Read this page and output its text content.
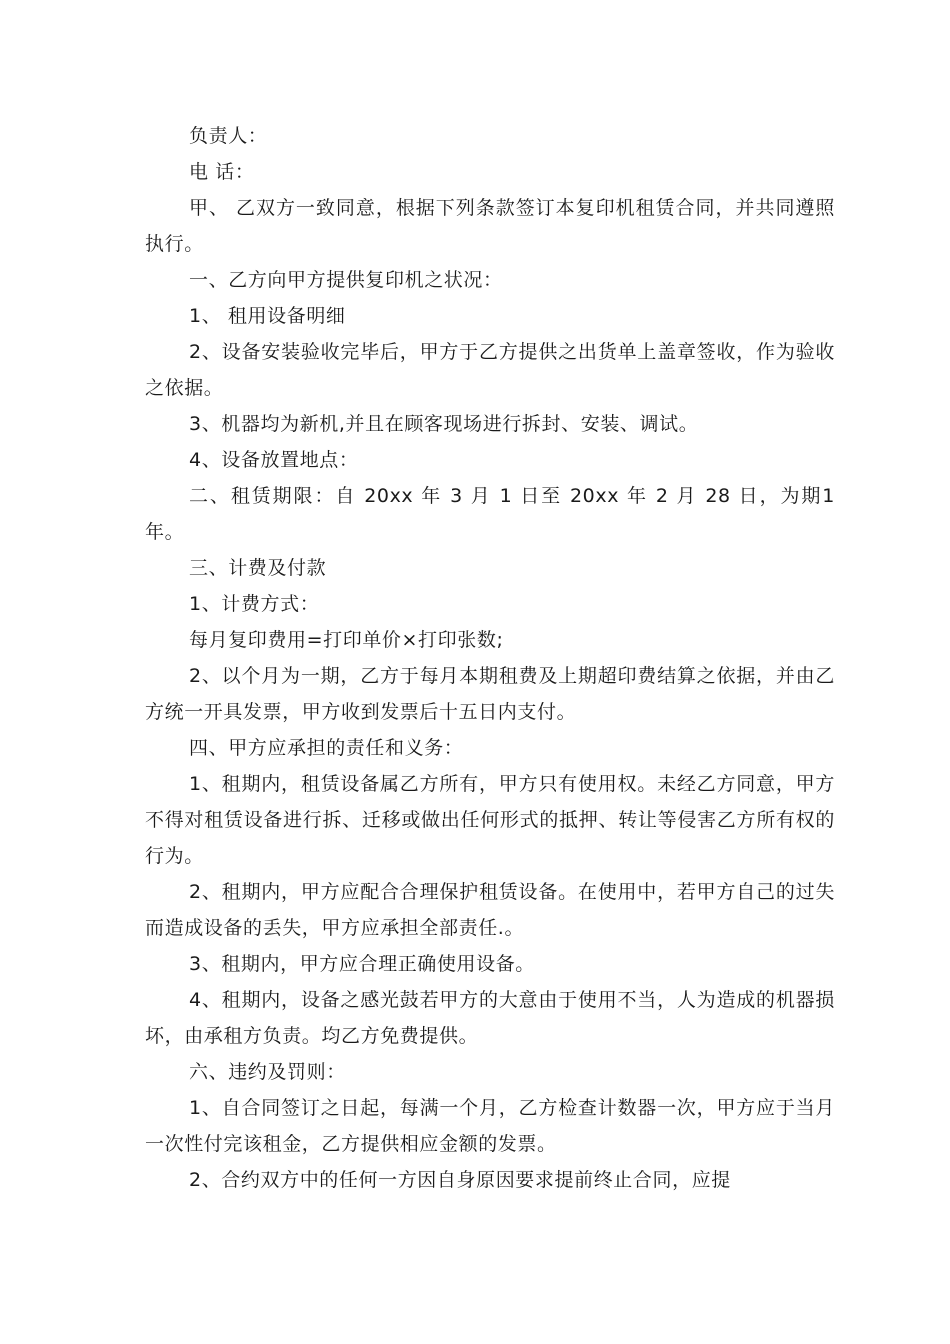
负责人：

电 话：

甲、 乙双方一致同意，根据下列条款签订本复印机租赁合同，并共同遵照执行。

一、乙方向甲方提供复印机之状况：

1、 租用设备明细

2、设备安装验收完毕后，甲方于乙方提供之出货单上盖章签收，作为验收之依据。

3、机器均为新机,并且在顾客现场进行拆封、安装、调试。

4、设备放置地点：

二、租赁期限：自 20xx 年 3 月 1 日至 20xx 年 2 月 28 日，为期1 年。

三、计费及付款

1、计费方式：

每月复印费用=打印单价×打印张数;

2、以个月为一期，乙方于每月本期租费及上期超印费结算之依据，并由乙方统一开具发票，甲方收到发票后十五日内支付。

四、甲方应承担的责任和义务：

1、租期内，租赁设备属乙方所有，甲方只有使用权。未经乙方同意，甲方不得对租赁设备进行拆、迁移或做出任何形式的抵押、转让等侵害乙方所有权的行为。

2、租期内，甲方应配合合理保护租赁设备。在使用中，若甲方自己的过失而造成设备的丢失，甲方应承担全部责任.。

3、租期内，甲方应合理正确使用设备。

4、租期内，设备之感光鼓若甲方的大意由于使用不当，人为造成的机器损坏，由承租方负责。均乙方免费提供。

六、违约及罚则：

1、自合同签订之日起，每满一个月，乙方检查计数器一次，甲方应于当月一次性付完该租金，乙方提供相应金额的发票。

2、合约双方中的任何一方因自身原因要求提前终止合同，应提
